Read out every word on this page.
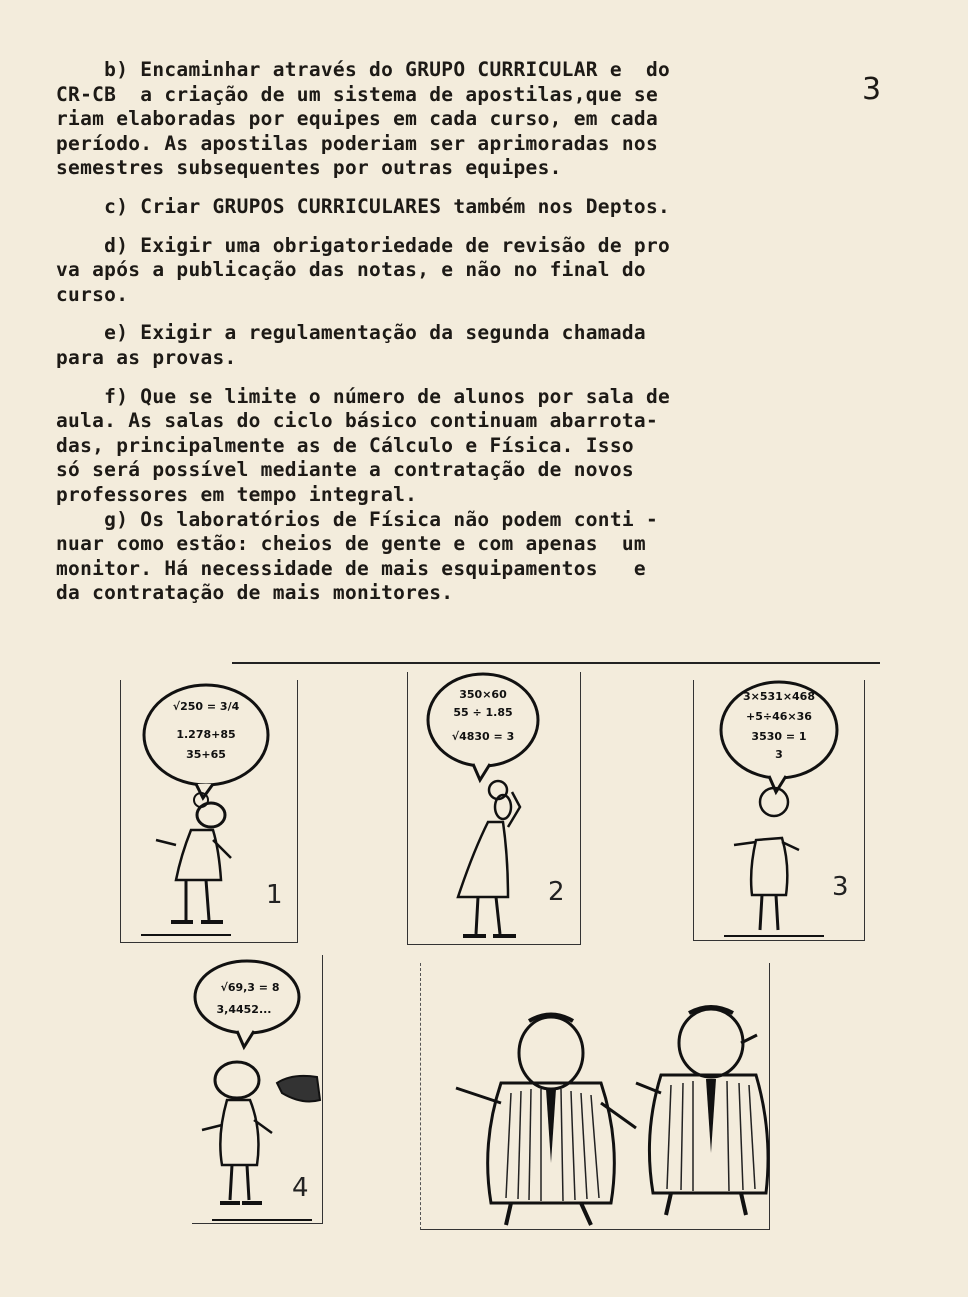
3
b) Encaminhar através do GRUPO CURRICULAR e  do
CR-CB  a criação de um sistema de apostilas,que se
riam elaboradas por equipes em cada curso, em cada
período. As apostilas poderiam ser aprimoradas nos
semestres subsequentes por outras equipes.
c) Criar GRUPOS CURRICULARES também nos Deptos.
d) Exigir uma obrigatoriedade de revisão de pro
va após a publicação das notas, e não no final do
curso.
e) Exigir a regulamentação da segunda chamada
para as provas.
f) Que se limite o número de alunos por sala de
aula. As salas do ciclo básico continuam abarrota-
das, principalmente as de Cálculo e Física. Isso
só será possível mediante a contratação de novos
professores em tempo integral.
g) Os laboratórios de Física não podem conti -
nuar como estão: cheios de gente e com apenas  um
monitor. Há necessidade de mais esquipamentos   e
da contratação de mais monitores.
√250 = 3/4
1.278+85
35+65
1
350×60
55 ÷ 1.85
√4830 = 3
2
3×531×468
+5÷46×36
3530 = 1
3
3
√69,3 = 8
3,4452...
4
